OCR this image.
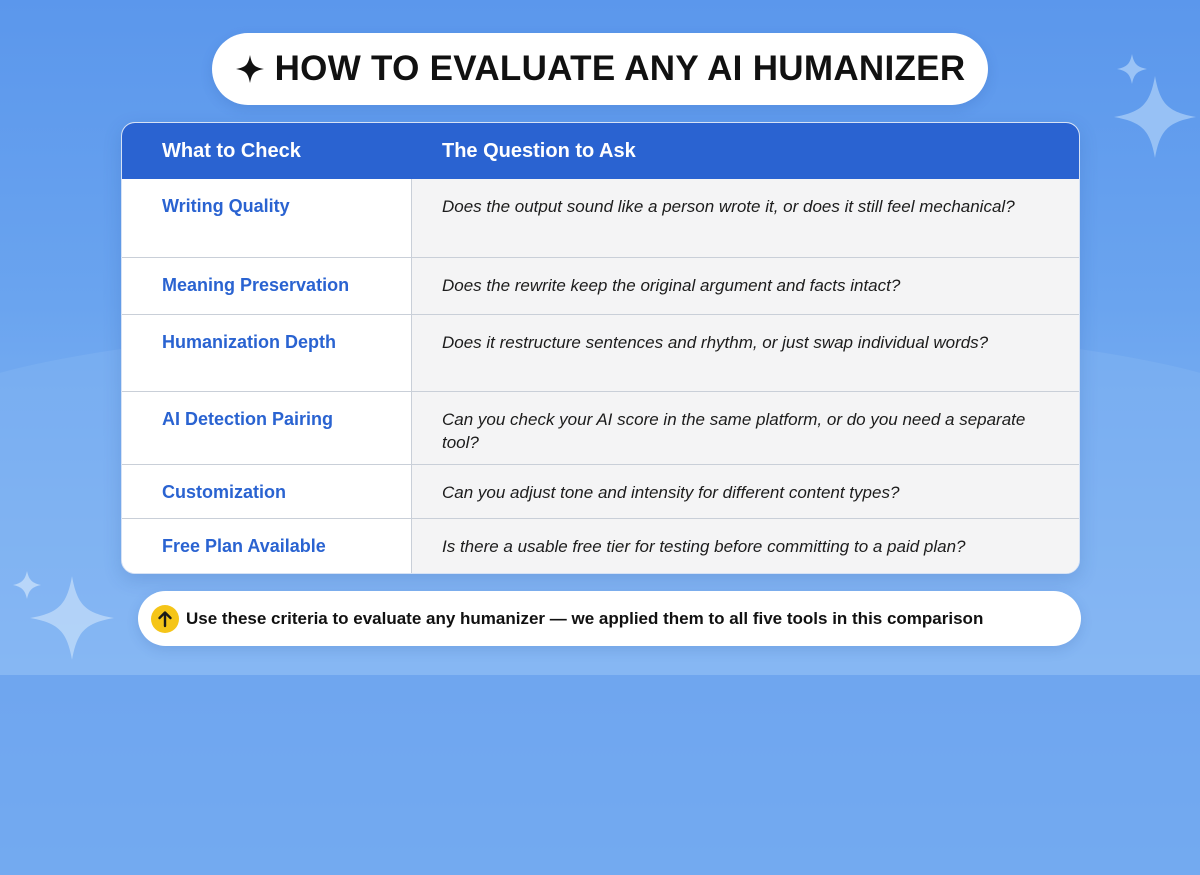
HOW TO EVALUATE ANY AI HUMANIZER
What to Check	The Question to Ask
Writing Quality	Does the output sound like a person wrote it, or does it still feel mechanical?
Meaning Preservation	Does the rewrite keep the original argument and facts intact?
Humanization Depth	Does it restructure sentences and rhythm, or just swap individual words?
AI Detection Pairing	Can you check your AI score in the same platform, or do you need a separate tool?
Customization	Can you adjust tone and intensity for different content types?
Free Plan Available	Is there a usable free tier for testing before committing to a paid plan?
Use these criteria to evaluate any humanizer — we applied them to all five tools in this comparison
